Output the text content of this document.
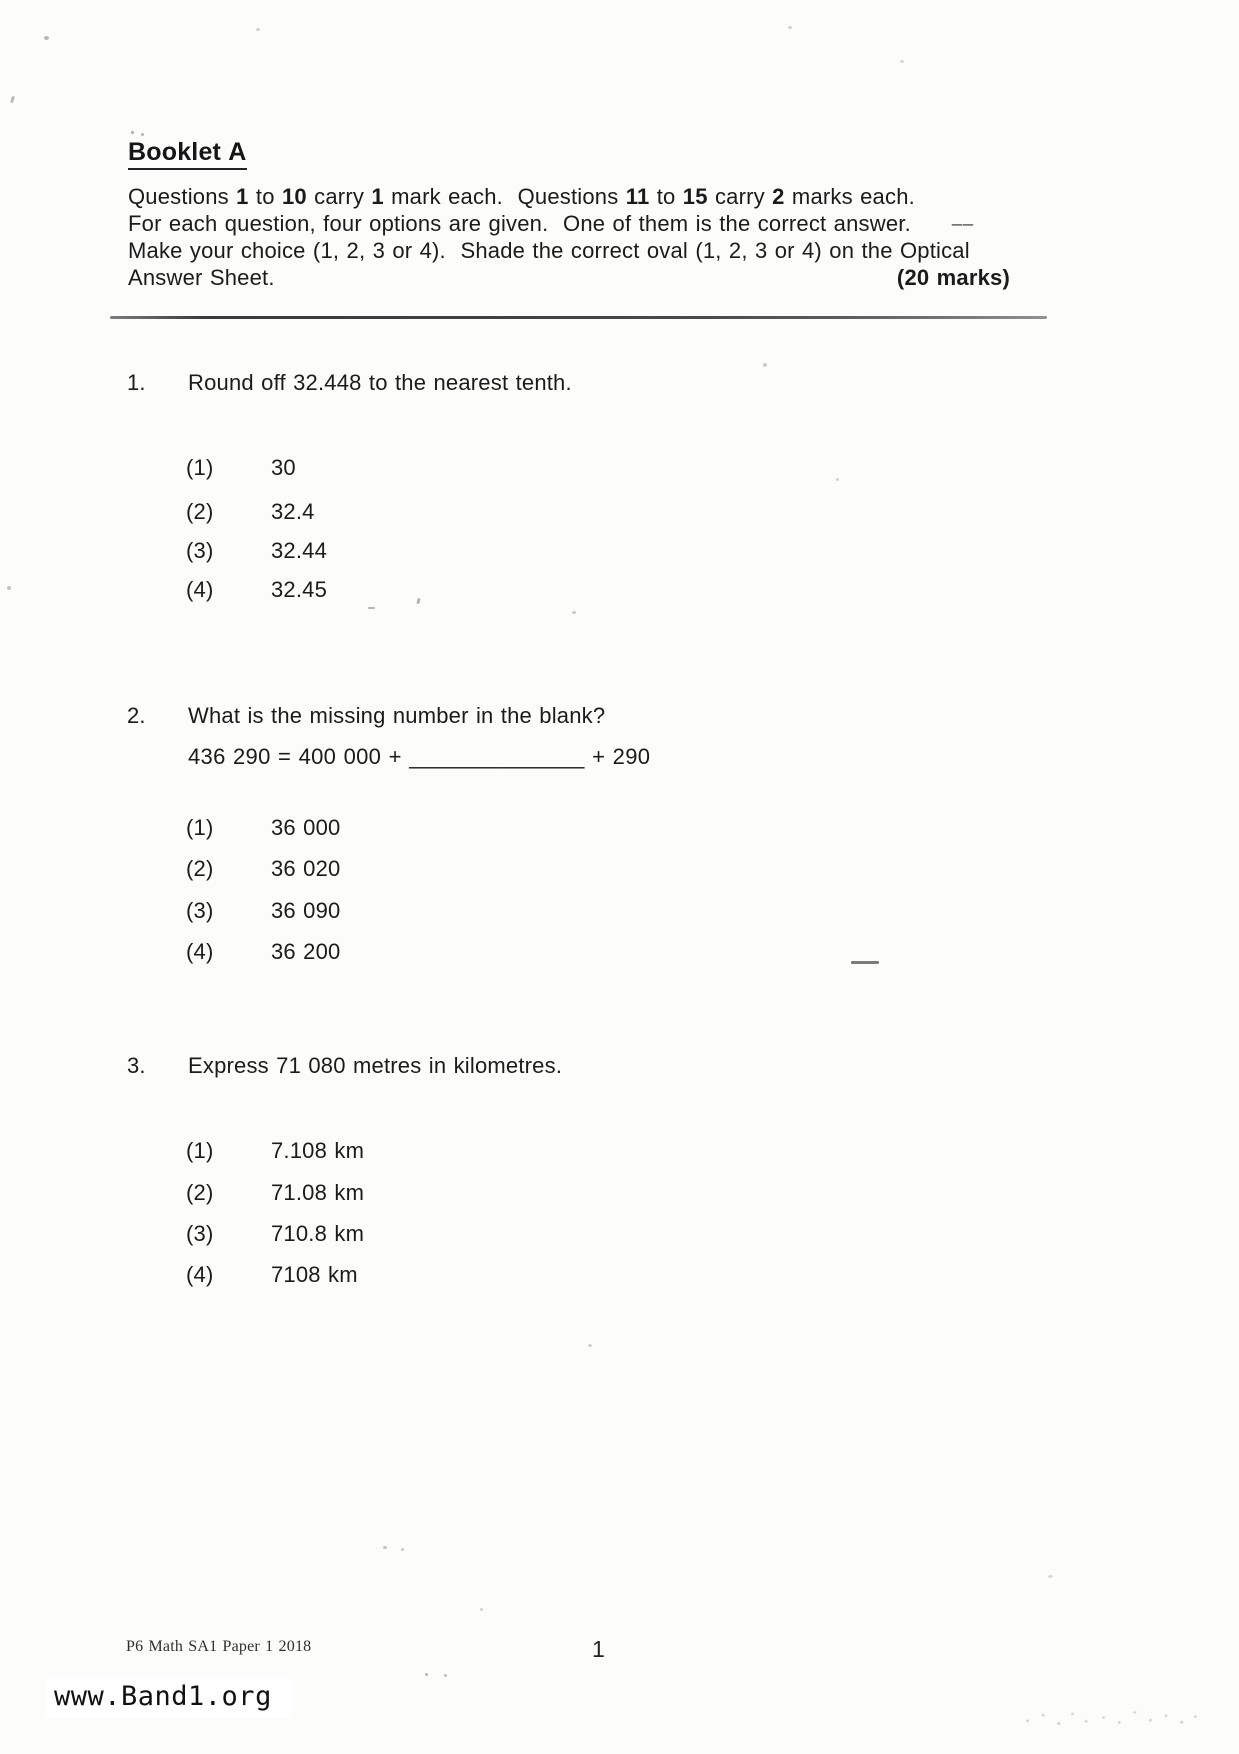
Booklet A
Questions 1 to 10 carry 1 mark each.  Questions 11 to 15 carry 2 marks each.
For each question, four options are given.  One of them is the correct answer.
Make your choice (1, 2, 3 or 4).  Shade the correct oval (1, 2, 3 or 4) on the Optical
Answer Sheet.	(20 marks)
__
1. Round off 32.448 to the nearest tenth.
(1)	30
(2)	32.4
(3)	32.44
(4)	32.45
2. What is the missing number in the blank?
436 290 = 400 000 + ______________ + 290
(1)	36 000
(2)	36 020
(3)	36 090
(4)	36 200
3. Express 71 080 metres in kilometres.
(1)	7.108 km
(2)	71.08 km
(3)	710.8 km
(4)	7108 km
P6 Math SA1 Paper 1 2018	1
www.Band1.org
